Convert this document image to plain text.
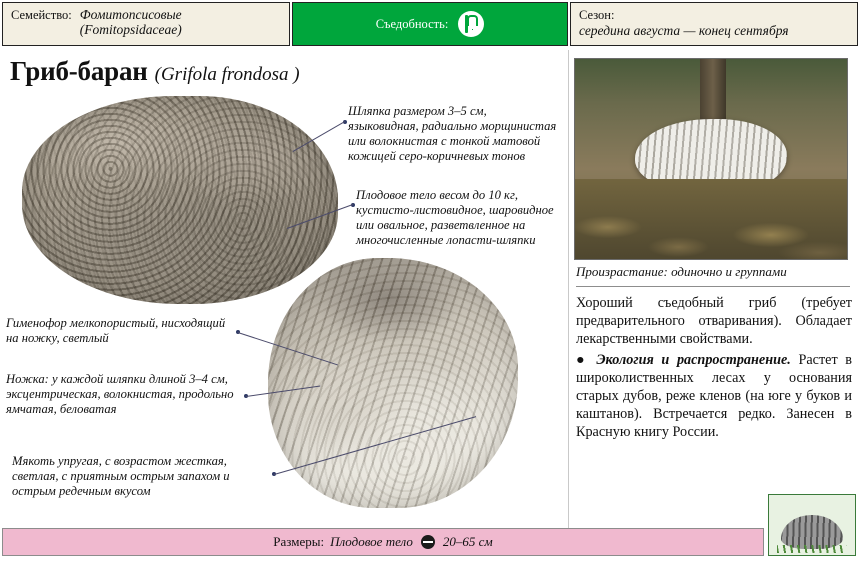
Семейство: Фомитопсисовые
(Fomitopsidaceae)	Съедобность:
Сезон:
середина августа — конец сентября
Гриб-баран (Grifola frondosa )
Произрастание: одиночно и группами

Хороший съедобный гриб (требует предварительного отваривания). Обладает лекарственными свойствами.

● Экология и распространение. Растет в широколиственных лесах у основания старых дубов, реже кленов (на юге у буков и каштанов). Встречается редко. Занесен в Красную книгу России.

Шляпка размером 3–5 см, языковидная, радиально морщинистая или волокнистая с тонкой матовой кожицей серо-коричневых тонов
Плодовое тело весом до 10 кг, кустисто-листовидное, шаровидное или овальное, разветвленное на многочисленные лопасти-шляпки
Гименофор мелкопористый, нисходящий на ножку, светлый
Ножка: у каждой шляпки длиной 3–4 см, эксцентрическая, волокнистая, продольно ямчатая, беловатая
Мякоть упругая, с возрастом жесткая, светлая, с приятным острым запахом и острым редечным вкусом
Размеры: Плодовое тело 20–65 см
